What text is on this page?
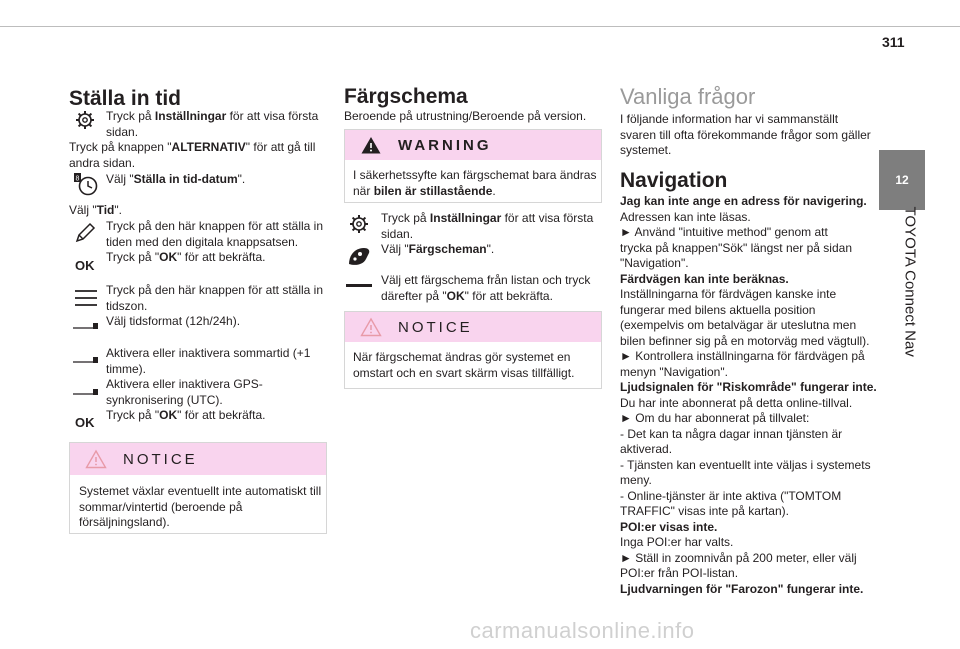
311
12
TOYOTA Connect Nav
Ställa in tid
Tryck på Inställningar för att visa första
sidan.
Tryck på knappen "ALTERNATIV" för att gå till
andra sidan.
8 Välj "Ställa in tid-datum".
Välj "Tid".
Tryck på den här knappen för att ställa in
tiden med den digitala knappsatsen.
Tryck på "OK" för att bekräfta.
OK
Tryck på den här knappen för att ställa in
tidszon.
Välj tidsformat (12h/24h).
Aktivera eller inaktivera sommartid (+1
timme).
Aktivera eller inaktivera GPS-
synkronisering (UTC).
Tryck på "OK" för att bekräfta.
OK
NOTICE
Systemet växlar eventuellt inte automatiskt till
sommar/vintertid (beroende på
försäljningsland).
Färgschema
Beroende på utrustning/Beroende på version.
WARNING
I säkerhetssyfte kan färgschemat bara ändras
när bilen är stillastående.
Tryck på Inställningar för att visa första
sidan.
Välj "Färgscheman".
Välj ett färgschema från listan och tryck
därefter på "OK" för att bekräfta.
NOTICE
När färgschemat ändras gör systemet en
omstart och en svart skärm visas tillfälligt.
Vanliga frågor
I följande information har vi sammanställt
svaren till ofta förekommande frågor som gäller
systemet.
Navigation
Jag kan inte ange en adress för navigering.
Adressen kan inte läsas.
► Använd "intuitive method" genom att
trycka på knappen"Sök" längst ner på sidan
"Navigation".
Färdvägen kan inte beräknas.
Inställningarna för färdvägen kanske inte
fungerar med bilens aktuella position
(exempelvis om betalvägar är uteslutna men
bilen befinner sig på en motorväg med vägtull).
► Kontrollera inställningarna för färdvägen på
menyn "Navigation".
Ljudsignalen för "Riskområde" fungerar inte.
Du har inte abonnerat på detta online-tillval.
► Om du har abonnerat på tillvalet:
- Det kan ta några dagar innan tjänsten är
aktiverad.
- Tjänsten kan eventuellt inte väljas i systemets
meny.
- Online-tjänster är inte aktiva ("TOMTOM
TRAFFIC" visas inte på kartan).
POI:er visas inte.
Inga POI:er har valts.
► Ställ in zoomnivån på 200 meter, eller välj
POI:er från POI-listan.
Ljudvarningen för "Farozon" fungerar inte.
carmanualsonline.info
